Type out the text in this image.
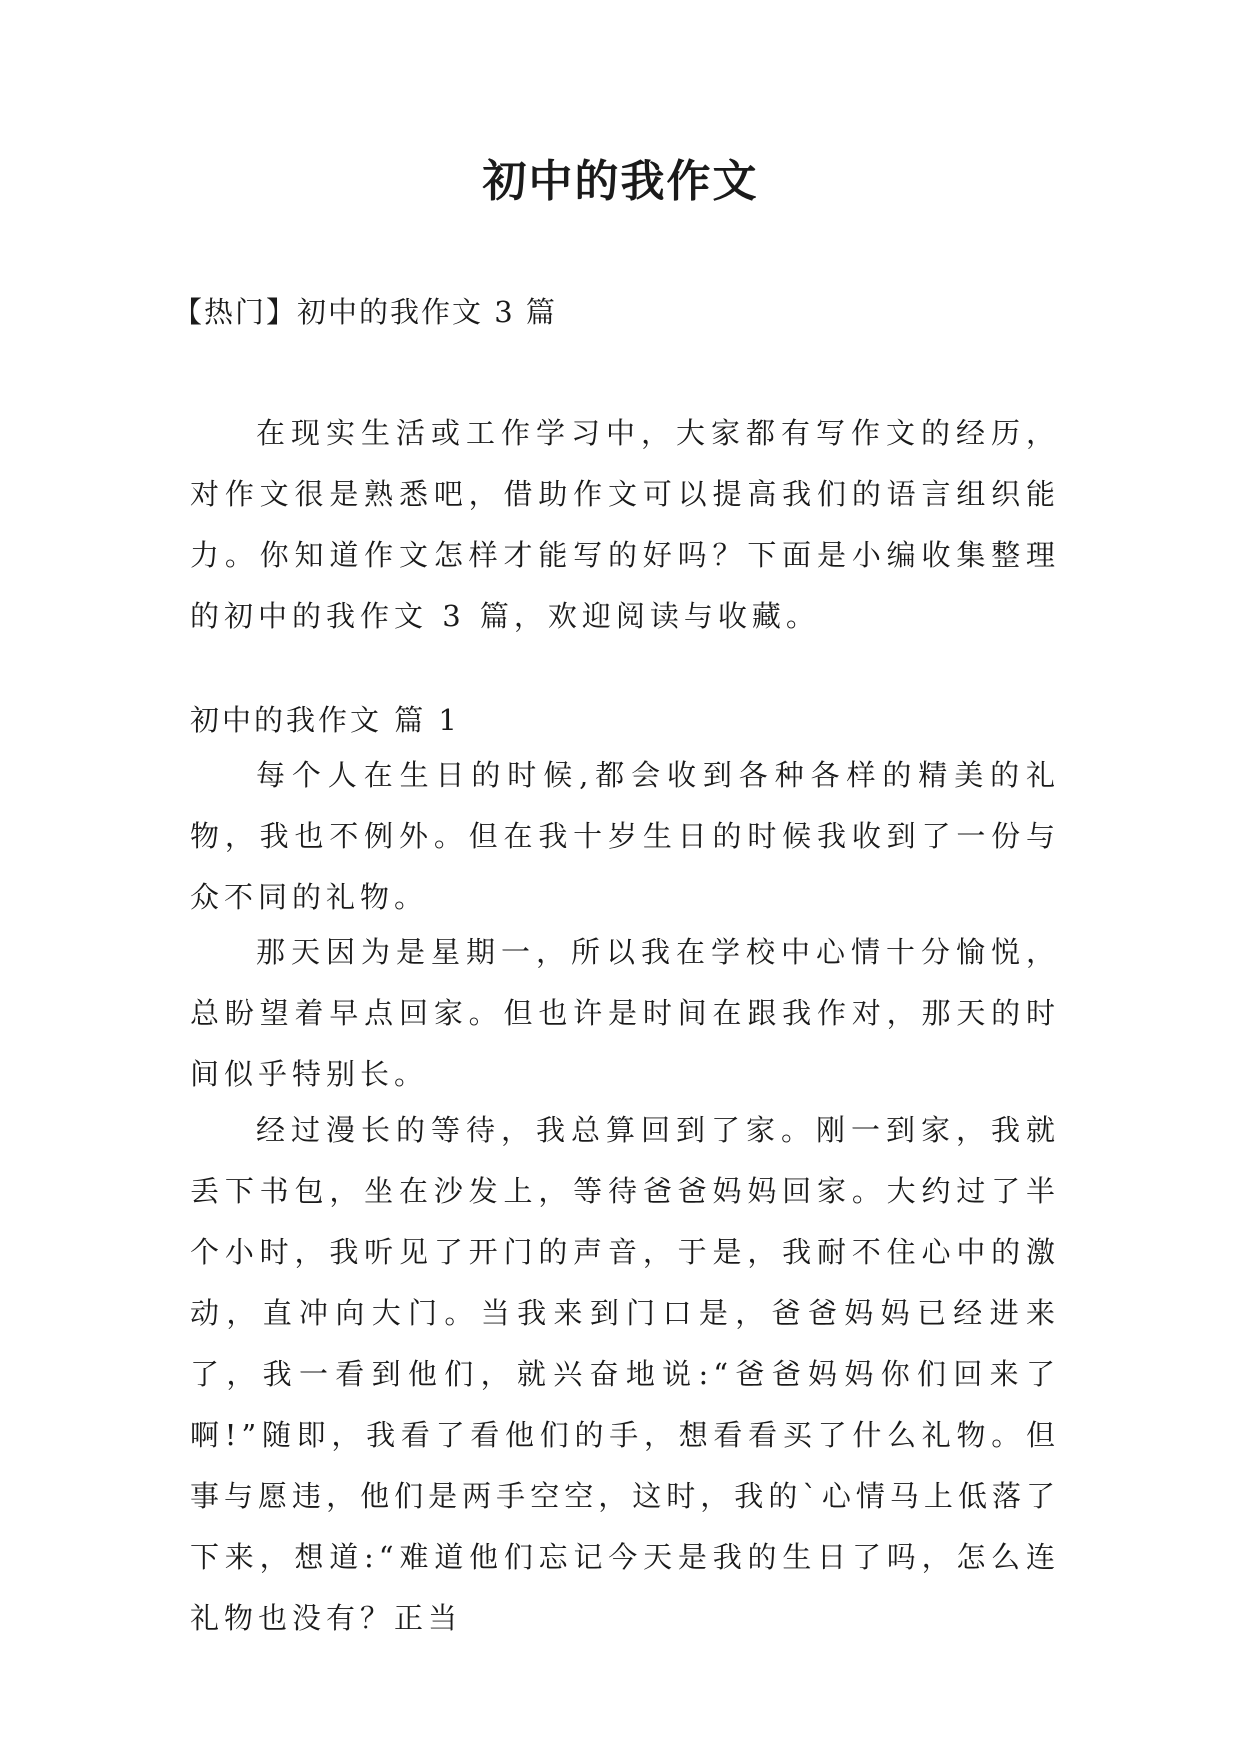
初中的我作文

【热门】初中的我作文 3 篇

在现实生活或工作学习中，大家都有写作文的经历，对作文很是熟悉吧，借助作文可以提高我们的语言组织能力。你知道作文怎样才能写的好吗？下面是小编收集整理的初中的我作文 3 篇，欢迎阅读与收藏。

初中的我作文 篇 1

每个人在生日的时候,都会收到各种各样的精美的礼物，我也不例外。但在我十岁生日的时候我收到了一份与众不同的礼物。

那天因为是星期一，所以我在学校中心情十分愉悦，总盼望着早点回家。但也许是时间在跟我作对，那天的时间似乎特别长。

经过漫长的等待，我总算回到了家。刚一到家，我就丢下书包，坐在沙发上，等待爸爸妈妈回家。大约过了半个小时，我听见了开门的声音，于是，我耐不住心中的激动，直冲向大门。当我来到门口是，爸爸妈妈已经进来了，我一看到他们，就兴奋地说:“爸爸妈妈你们回来了啊!”随即，我看了看他们的手，想看看买了什么礼物。但事与愿违，他们是两手空空，这时，我的`心情马上低落了下来，想道:“难道他们忘记今天是我的生日了吗，怎么连礼物也没有？正当
